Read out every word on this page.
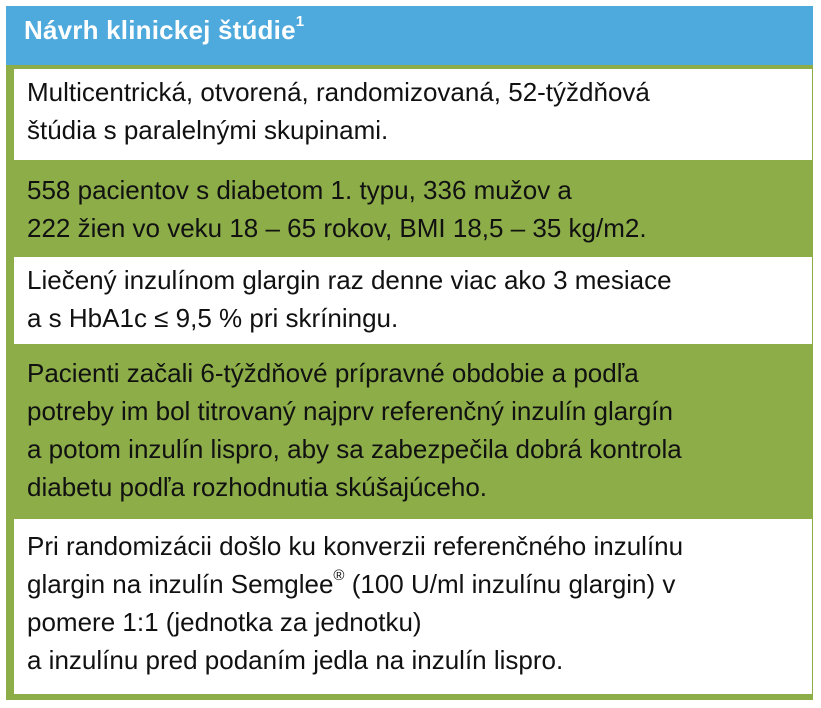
Návrh klinickej štúdie$^1$
Multicentrická, otvorená, randomizovaná, 52-týždňová
štúdia s paralelnými skupinami.
558 pacientov s diabetom 1. typu, 336 mužov a
222 žien vo veku 18 – 65 rokov, BMI 18,5 – 35 kg/m2.
Liečený inzulínom glargin raz denne viac ako 3 mesiace
a s HbA1c ≤ 9,5 % pri skríningu.
Pacienti začali 6-týždňové prípravné obdobie a podľa
potreby im bol titrovaný najprv referenčný inzulín glargín
a potom inzulín lispro, aby sa zabezpečila dobrá kontrola
diabetu podľa rozhodnutia skúšajúceho.
Pri randomizácii došlo ku konverzii referenčného inzulínu
glargin na inzulín Semglee® (100 U/ml inzulínu glargin) v
pomere 1:1 (jednotka za jednotku)
a inzulínu pred podaním jedla na inzulín lispro.
